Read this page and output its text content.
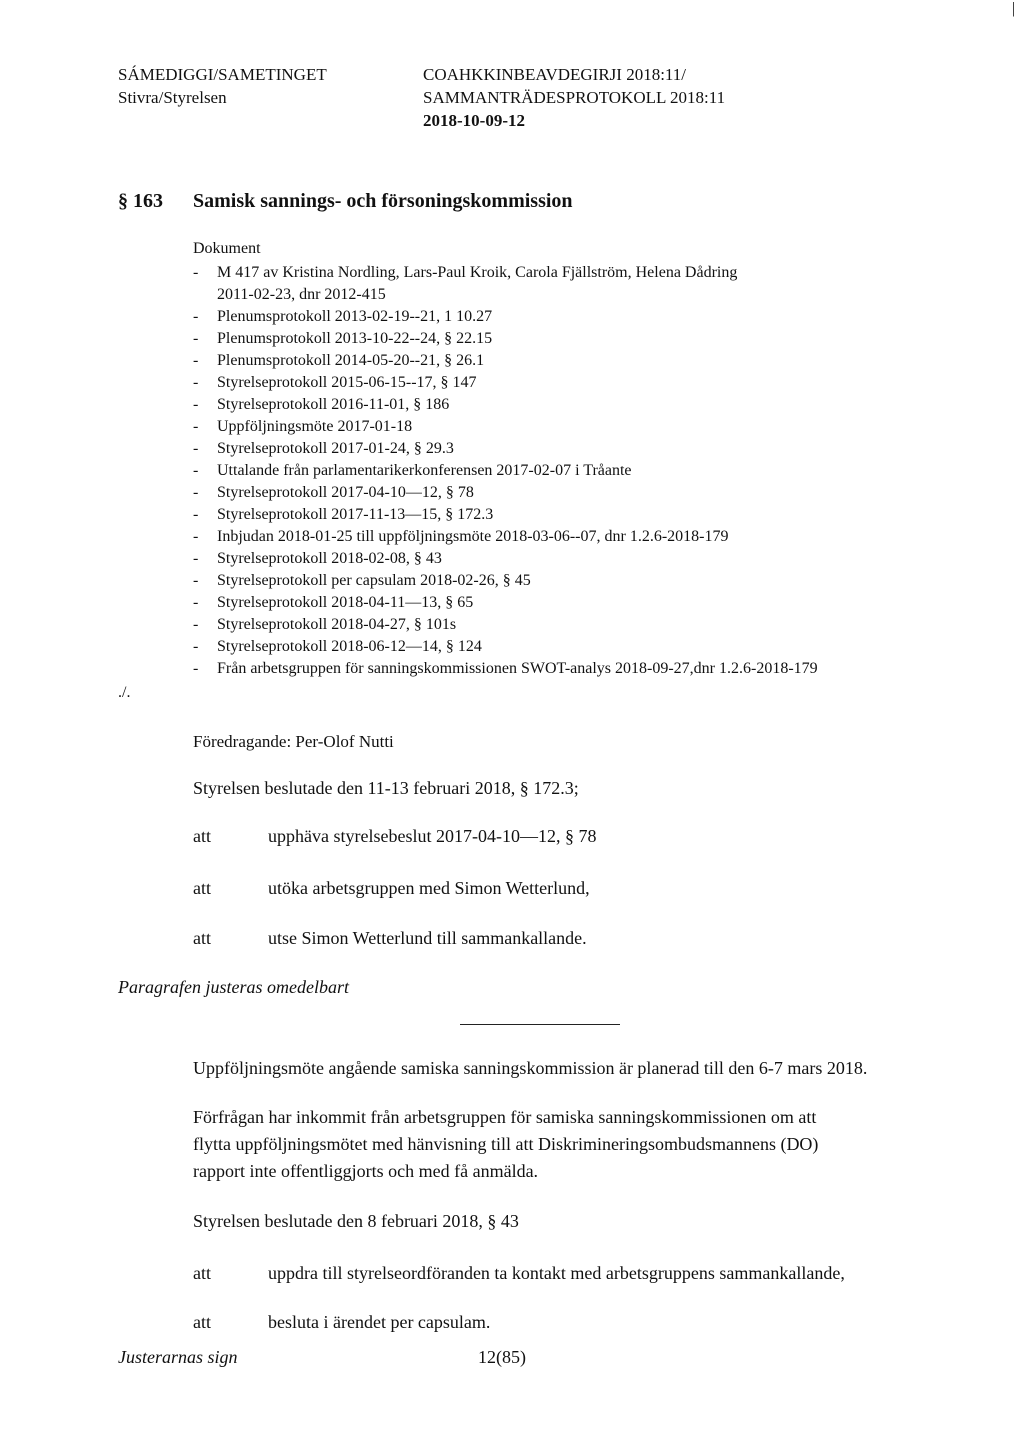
SÁMEDIGGI/SAMETINGET
Stivra/Styrelsen
COAHKKINBEAVDEGIRJI 2018:11/
SAMMANTRÄDESPROTOKOLL 2018:11
2018-10-09-12
|
§ 163 Samisk sannings- och försoningskommission
Dokument
- M 417 av Kristina Nordling, Lars-Paul Kroik, Carola Fjällström, Helena Dådring
2011-02-23, dnr 2012-415
- Plenumsprotokoll 2013-02-19--21, 1 10.27
- Plenumsprotokoll 2013-10-22--24, § 22.15
- Plenumsprotokoll 2014-05-20--21, § 26.1
- Styrelseprotokoll 2015-06-15--17, § 147
- Styrelseprotokoll 2016-11-01, § 186
- Uppföljningsmöte 2017-01-18
- Styrelseprotokoll 2017-01-24, § 29.3
- Uttalande från parlamentarikerkonferensen 2017-02-07 i Tråante
- Styrelseprotokoll 2017-04-10—12, § 78
- Styrelseprotokoll 2017-11-13—15, § 172.3
- Inbjudan 2018-01-25 till uppföljningsmöte 2018-03-06--07, dnr 1.2.6-2018-179
- Styrelseprotokoll 2018-02-08, § 43
- Styrelseprotokoll per capsulam 2018-02-26, § 45
- Styrelseprotokoll 2018-04-11—13, § 65
- Styrelseprotokoll 2018-04-27, § 101s
- Styrelseprotokoll 2018-06-12—14, § 124
- Från arbetsgruppen för sanningskommissionen SWOT-analys 2018-09-27,dnr 1.2.6-2018-179
./.
Föredragande: Per-Olof Nutti
Styrelsen beslutade den 11-13 februari 2018, § 172.3;
att	upphäva styrelsebeslut 2017-04-10—12, § 78
att	utöka arbetsgruppen med Simon Wetterlund,
att	utse Simon Wetterlund till sammankallande.
Paragrafen justeras omedelbart
Uppföljningsmöte angående samiska sanningskommission är planerad till den 6-7 mars 2018.
Förfrågan har inkommit från arbetsgruppen för samiska sanningskommissionen om att
flytta uppföljningsmötet med hänvisning till att Diskrimineringsombudsmannens (DO)
rapport inte offentliggjorts och med få anmälda.
Styrelsen beslutade den 8 februari 2018, § 43
att	uppdra till styrelseordföranden ta kontakt med arbetsgruppens sammankallande,
att	besluta i ärendet per capsulam.
Justerarnas sign	12(85)
